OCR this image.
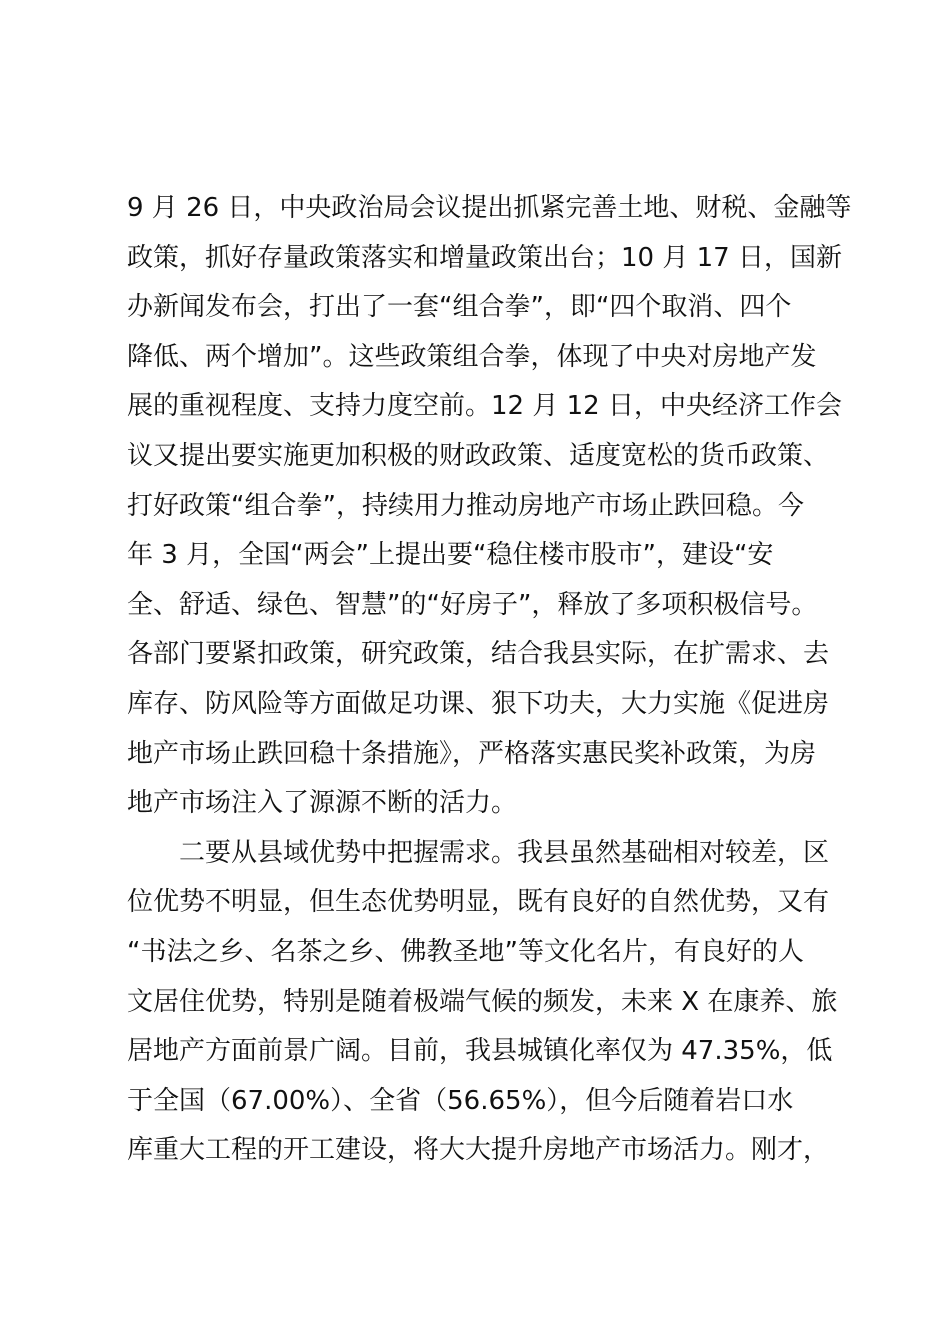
9 月 26 日，中央政治局会议提出抓紧完善土地、财税、金融等
政策，抓好存量政策落实和增量政策出台；10 月 17 日，国新
办新闻发布会，打出了一套“组合拳”，即“四个取消、四个
降低、两个增加”。这些政策组合拳，体现了中央对房地产发
展的重视程度、支持力度空前。12 月 12 日，中央经济工作会
议又提出要实施更加积极的财政政策、适度宽松的货币政策、
打好政策“组合拳”，持续用力推动房地产市场止跌回稳。今
年 3 月，全国“两会”上提出要“稳住楼市股市”，建设“安
全、舒适、绿色、智慧”的“好房子”，释放了多项积极信号。
各部门要紧扣政策，研究政策，结合我县实际，在扩需求、去
库存、防风险等方面做足功课、狠下功夫，大力实施《促进房
地产市场止跌回稳十条措施》，严格落实惠民奖补政策，为房
地产市场注入了源源不断的活力。
二要从县域优势中把握需求。我县虽然基础相对较差，区
位优势不明显，但生态优势明显，既有良好的自然优势，又有
“书法之乡、名茶之乡、佛教圣地”等文化名片，有良好的人
文居住优势，特别是随着极端气候的频发，未来 X 在康养、旅
居地产方面前景广阔。目前，我县城镇化率仅为 47.35%，低
于全国（67.00%）、全省（56.65%），但今后随着岩口水
库重大工程的开工建设，将大大提升房地产市场活力。刚才，
